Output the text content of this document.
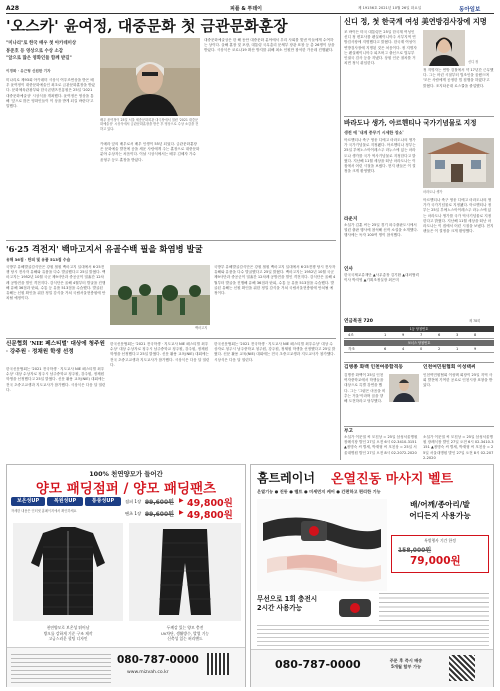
A28	피플 & 투데이	제 19156호 2021년 10월 26일 화요일	동아일보
'오스카' 윤여정, 대중문화 첫 금관문화훈장
"미나리"로 한국 배우 첫 아카데미상
봉준호 등 영상으로 수상 소감
"앞으로 많은 영화인들 함께 받길"
이경화 · 유근형 신원한 기자
미나리로 제93회 아카데미 시상식 여우조연상을 받은 배우 윤여정이 대중문화예술인 최초로 금관문화훈장을 받았다. 문화체육관광부와 한국콘텐츠진흥원은 25일 '2021 대중문화예술상' 시상식을 개최했다. 윤여정은 영상을 통해 '앞으로 많은 영화인들이 이 상을 받게 되길 바란다'고 말했다.
배우 윤여정이 25일 서울 세종문화회관 대극장에서 열린 '2021 대중문화예술상' 시상식에서 금관문화훈장을 받은 후 영상으로 수상 소감을 전하고 있다.
카메라 앞의 배우로서 배우 인생이 55년 되었다. 금관문화훈장은 문화예술 발전에 공을 세운 사람에게 주는 훈장으로 대중문화 분야 수상자는 처음이다. 이날 시상식에서는 배우 김혜자 가수 윤형주 등도 훈장을 받았다.
대중문화예술상은 한 해 동안 대중문화 분야에서 우리 사회를 빛낸 이들에게 수여하는 상이다. 올해 훈장 및 포장, 대통령 국무총리 문체부 장관 표창 등 총 26명이 상을 받았다. 시상식은 코로나19 확산 방지를 위해 최소 인원만 참석한 가운데 진행됐다.
'6·25 격전지' 백마고지서 유골수백 필을 화염병 발굴
유해 36점 · 탄피 및 유품 513점 수습
국방부 유해발굴감식단은 강원 철원 백마고지 일대에서 6·25전쟁 당시 전사자 유해와 유품을 다수 발굴했다고 25일 밝혔다. 백마고지는 1952년 10월 국군 제9사단과 중공군이 열흘간 12차례 공방전을 벌인 격전지다. 감식단은 올해 4월부터 발굴을 진행해 유해 36점과 탄피, 수통 등 유품 513점을 수습했다. 발굴된 유해는 신원 확인을 위한 정밀 감식을 거쳐 국립서울현충원에 안치될 예정이다.
백마고지
국방부 유해발굴감식단은 강원 철원 백마고지 일대에서 6·25전쟁 당시 전사자 유해와 유품을 다수 발굴했다고 25일 밝혔다. 백마고지는 1952년 10월 국군 제9사단과 중공군이 열흘간 12차례 공방전을 벌인 격전지다. 감식단은 올해 4월부터 발굴을 진행해 유해 36점과 탄피, 수통 등 유품 513점을 수습했다. 발굴된 유해는 신원 확인을 위한 정밀 감식을 거쳐 국립서울현충원에 안치될 예정이다.
신문협회 'NIE 페스티벌' 대상에 청주원 · 강주원 · 정채원 학생 선정
한국신문협회는 '2021 전국학생 · 지도교사 NIE 페스티벌 최우수상' 대상 수상자로 청주시 남주중학교 청주원, 강주원, 정채원 학생을 선정했다고 25일 밝혔다. 신문 활용 교육(NIE) 대회에는 전국 초중고교생과 지도교사가 참가했다. 시상식은 다음 달 열린다.
한국신문협회는 '2021 전국학생 · 지도교사 NIE 페스티벌 최우수상' 대상 수상자로 청주시 남주중학교 청주원, 강주원, 정채원 학생을 선정했다고 25일 밝혔다. 신문 활용 교육(NIE) 대회에는 전국 초중고교생과 지도교사가 참가했다. 시상식은 다음 달 열린다.
한국신문협회는 '2021 전국학생 · 지도교사 NIE 페스티벌 최우수상' 대상 수상자로 청주시 남주중학교 청주원, 강주원, 정채원 학생을 선정했다고 25일 밝혔다. 신문 활용 교육(NIE) 대회에는 전국 초중고교생과 지도교사가 참가했다. 시상식은 다음 달 열린다.
신디 정, 첫 한국계 여성 美연방검사장에 지명
조 바이든 미국 대통령은 25일 한국계 여성인 신디 정 변호사를 펜실베이니아주 서부지역 연방검사장에 지명했다고 밝혔다. 한국계 여성이 연방검사장에 지명된 것은 처음이다. 정 지명자는 펜실베이니아주 피츠버그 출신으로 법무부 인권국 검사 등을 지냈다. 상원 인준 절차를 거치면 정식 취임한다.	신디 정
정 지명자는 연방 검찰에서 약 17년간 근무했다. 그는 어린 시절부터 법조인을 꿈꿨으며 '모든 사람에게 공정한 법 집행을 하겠다'고 밝혔다. 조지타운대 로스쿨을 졸업했다.
바라도나 생가, 아르헨티나 국가기념물로 지정
생전 에 '내게 중무기 시세한 장소'
아르헨티나 축구 영웅 디에고 마라도나의 생가가 국가기념물로 지정됐다. 아르헨티나 정부는 25일 부에노스아이레스주 라누스에 있는 마라도나 생가를 국가 역사기념물로 지정한다고 밝혔다. 지난해 11월 세상을 떠난 마라도나는 이 집에서 어린 시절을 보냈다. 현지 팬들은 이 결정을 크게 환영했다.
마라도나 생가
라운지
소설가 김훈 씨는 25일 경기 파주출판도시에서 열린 출판 행사에 참석해 신작 소설을 소개했다. 행사에는 독자 100여 명이 참석했다.
인사
한국국제교류재단 ▲사무총장 김기환 ▲대외협력이사 박지영 ▲기획조정실장 최은미
아르헨티나 축구 영웅 디에고 마라도나의 생가가 국가기념물로 지정됐다. 아르헨티나 정부는 25일 부에노스아이레스주 라누스에 있는 마라도나 생가를 국가 역사기념물로 지정한다고 밝혔다. 지난해 11월 세상을 떠난 마라도나는 이 집에서 어린 시절을 보냈다. 현지 팬들은 이 결정을 크게 환영했다.
연금복권 720	제 78회
1등 당첨번호
4조	1	9	7	6	3	8
보너스 당첨번호
각조	6	4	0	2	1	9
김병종 화백 인천여중합격동
김병종 화백이 25일 인천여자중학교에서 학생들을 대상으로 특별 강연을 했다. 그는 '그림은 마음을 비추는 거울'이라며 꿈을 향해 도전하라고 당부했다.
인천여민원협회 이성택씨
인천여민원협회 이성택 회장이 25일 지역 사회 발전에 기여한 공로로 인천시장 표창을 받았다.
부고
소설가 이문열 씨 모친상 = 25일 삼성서울병원 장례식장 발인 27일 오전 6시 02-3410-3151 ▲정명숙 씨 별세, 박재형 씨 모친상 = 25일 서울대병원 발인 27일 오전 8시 02-2072-2020
소설가 이문열 씨 모친상 = 25일 삼성서울병원 장례식장 발인 27일 오전 6시 02-3410-3151 ▲정명숙 씨 별세, 박재형 씨 모친상 = 25일 서울대병원 발인 27일 오전 8시 02-2072-2020
100% 천연양모가 들어간
양모 패딩점퍼 / 양모 패딩팬츠
보온성UP	복원성UP	통풍성UP
자세한 내용은 인터넷 홈페이지에서 확인하세요
점퍼 1장 99,600원 ▶ 49,800원
팬츠 1장 99,600원 ▶ 49,800원
천연양모로 보온성 뛰어남
방오를 강하게 기준 구조 제작
고급스러운 퀼팅 디자인
두께감 있는 양모 충전
UV차단, 생활방수, 발열 기능
신축성 있는 허리밴드
080-787-0000
www.mizvah.co.kr
홈트레이너 온열진동 마사지 벨트
온열기능 ● 진동 ● 벨트 ● 미세먼지 케어 ● 간편하고 편리한 기능
배/어깨/종아리/발
어디든지 사용가능
특별행사 기간 한정
158,000원
79,000원
무선으로 1회 충전시
2시간 사용가능
080-787-0000	주문 후 즉시 배송
5개월 할부 가능
